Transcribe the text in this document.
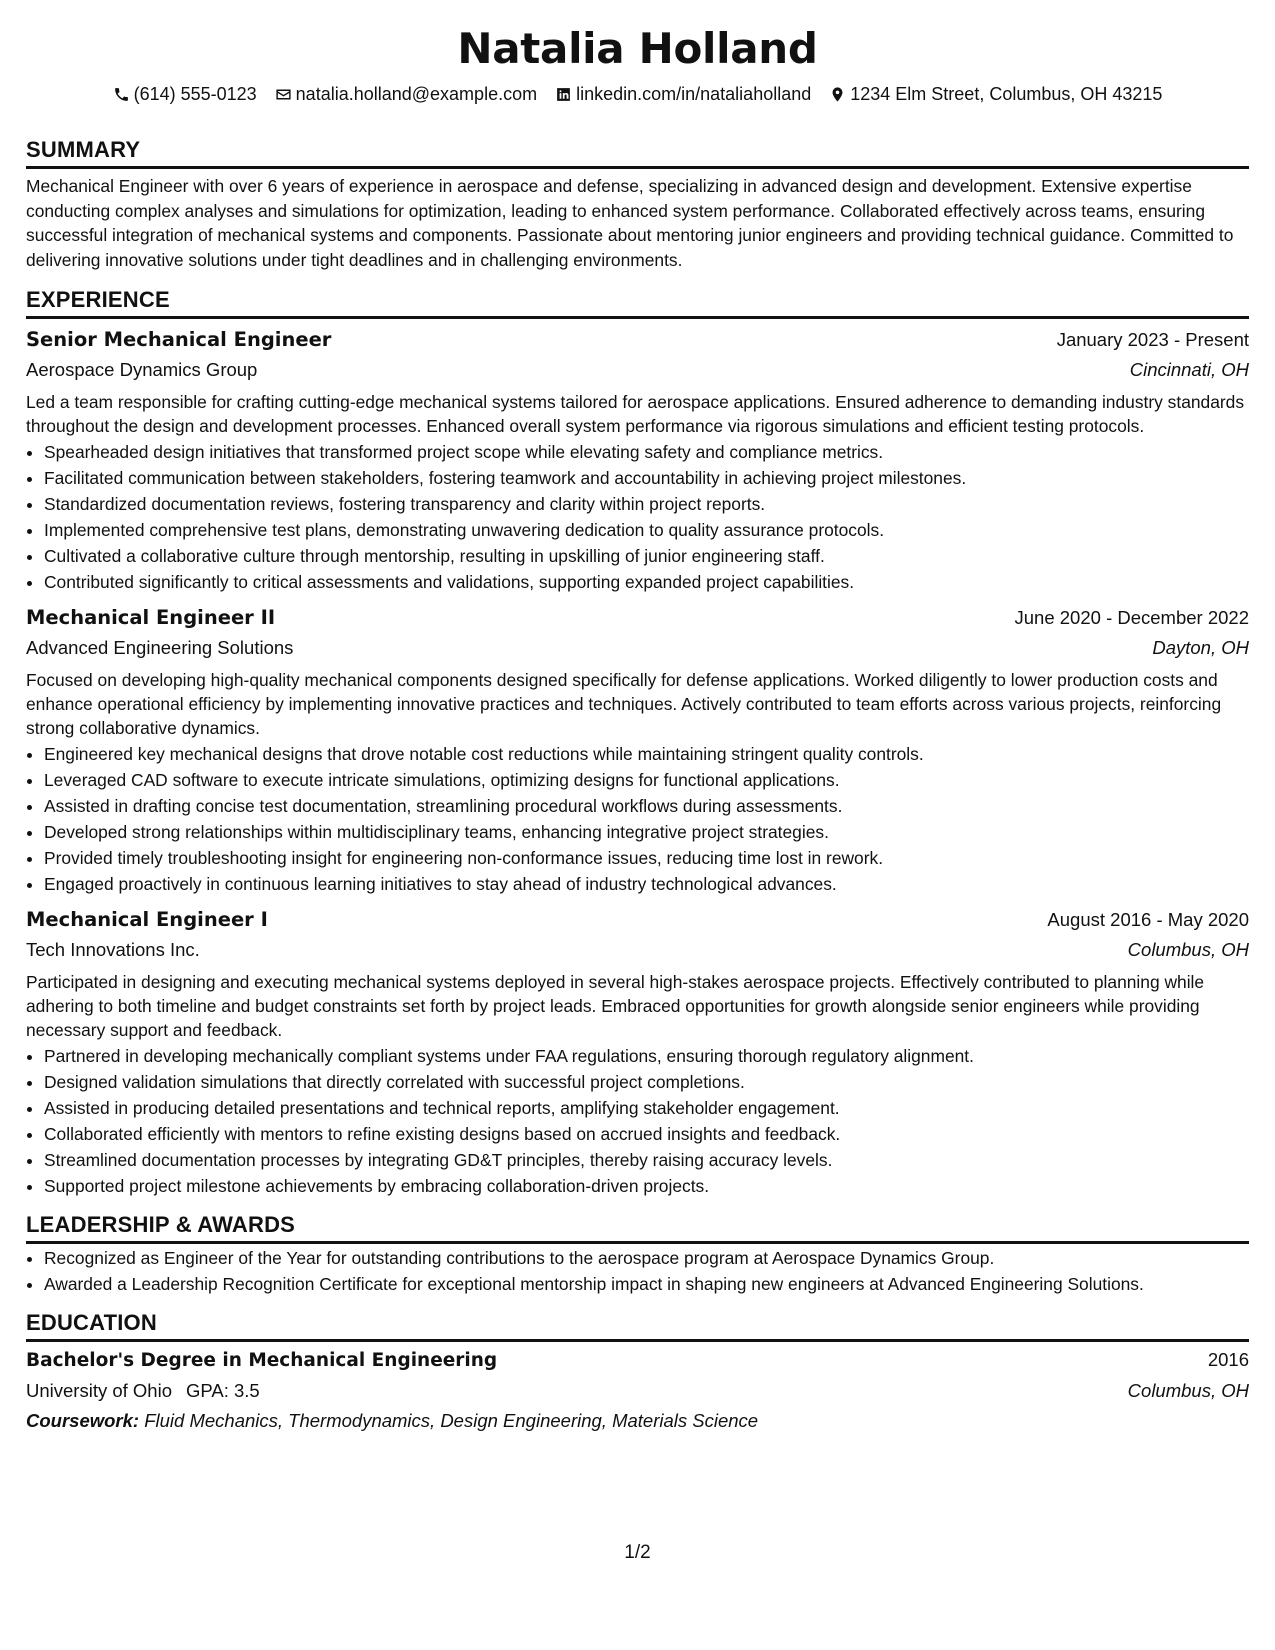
Natalia Holland
(614) 555-0123 natalia.holland@example.com linkedin.com/in/nataliaholland 1234 Elm Street, Columbus, OH 43215
SUMMARY

Mechanical Engineer with over 6 years of experience in aerospace and defense, specializing in advanced design and development. Extensive expertise conducting complex analyses and simulations for optimization, leading to enhanced system performance. Collaborated effectively across teams, ensuring successful integration of mechanical systems and components. Passionate about mentoring junior engineers and providing technical guidance. Committed to delivering innovative solutions under tight deadlines and in challenging environments.

EXPERIENCE
Senior Mechanical Engineer	January 2023 - Present
Aerospace Dynamics Group	Cincinnati, OH

Led a team responsible for crafting cutting-edge mechanical systems tailored for aerospace applications. Ensured adherence to demanding industry standards throughout the design and development processes. Enhanced overall system performance via rigorous simulations and efficient testing protocols.

• Spearheaded design initiatives that transformed project scope while elevating safety and compliance metrics.
• Facilitated communication between stakeholders, fostering teamwork and accountability in achieving project milestones.
• Standardized documentation reviews, fostering transparency and clarity within project reports.
• Implemented comprehensive test plans, demonstrating unwavering dedication to quality assurance protocols.
• Cultivated a collaborative culture through mentorship, resulting in upskilling of junior engineering staff.
• Contributed significantly to critical assessments and validations, supporting expanded project capabilities.
Mechanical Engineer II	June 2020 - December 2022
Advanced Engineering Solutions	Dayton, OH

Focused on developing high-quality mechanical components designed specifically for defense applications. Worked diligently to lower production costs and enhance operational efficiency by implementing innovative practices and techniques. Actively contributed to team efforts across various projects, reinforcing strong collaborative dynamics.

• Engineered key mechanical designs that drove notable cost reductions while maintaining stringent quality controls.
• Leveraged CAD software to execute intricate simulations, optimizing designs for functional applications.
• Assisted in drafting concise test documentation, streamlining procedural workflows during assessments.
• Developed strong relationships within multidisciplinary teams, enhancing integrative project strategies.
• Provided timely troubleshooting insight for engineering non-conformance issues, reducing time lost in rework.
• Engaged proactively in continuous learning initiatives to stay ahead of industry technological advances.
Mechanical Engineer I	August 2016 - May 2020
Tech Innovations Inc.	Columbus, OH

Participated in designing and executing mechanical systems deployed in several high-stakes aerospace projects. Effectively contributed to planning while adhering to both timeline and budget constraints set forth by project leads. Embraced opportunities for growth alongside senior engineers while providing necessary support and feedback.

• Partnered in developing mechanically compliant systems under FAA regulations, ensuring thorough regulatory alignment.
• Designed validation simulations that directly correlated with successful project completions.
• Assisted in producing detailed presentations and technical reports, amplifying stakeholder engagement.
• Collaborated efficiently with mentors to refine existing designs based on accrued insights and feedback.
• Streamlined documentation processes by integrating GD&T principles, thereby raising accuracy levels.
• Supported project milestone achievements by embracing collaboration-driven projects.
LEADERSHIP & AWARDS
• Recognized as Engineer of the Year for outstanding contributions to the aerospace program at Aerospace Dynamics Group.
• Awarded a Leadership Recognition Certificate for exceptional mentorship impact in shaping new engineers at Advanced Engineering Solutions.
EDUCATION
Bachelor's Degree in Mechanical Engineering	2016
University of Ohio GPA: 3.5	Columbus, OH
Coursework: Fluid Mechanics, Thermodynamics, Design Engineering, Materials Science
1/2
